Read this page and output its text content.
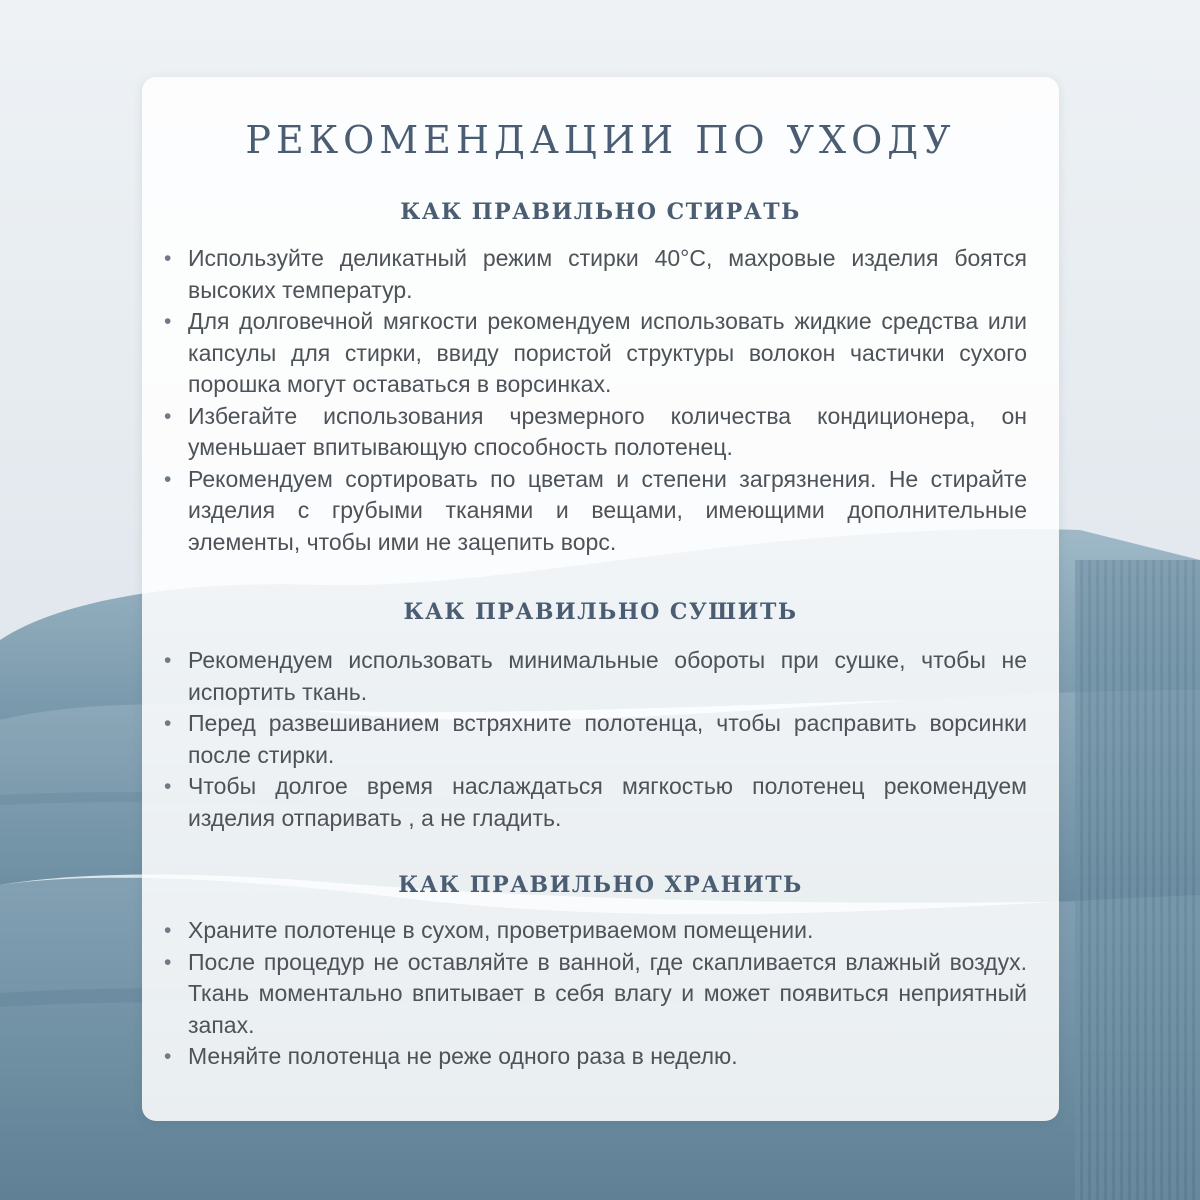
РЕКОМЕНДАЦИИ ПО УХОДУ
КАК ПРАВИЛЬНО СТИРАТЬ
• Используйте деликатный режим стирки 40°С, махровые изделия боятся высоких температур.
• Для долговечной мягкости рекомендуем использовать жидкие средства или капсулы для стирки, ввиду пористой структуры волокон частички сухого порошка могут оставаться в ворсинках.
• Избегайте использования чрезмерного количества кондиционера, он уменьшает впитывающую способность полотенец.
• Рекомендуем сортировать по цветам и степени загрязнения. Не стирайте изделия с грубыми тканями и вещами, имеющими дополнительные элементы, чтобы ими не зацепить ворс.
КАК ПРАВИЛЬНО СУШИТЬ
• Рекомендуем использовать минимальные обороты при сушке, чтобы не испортить ткань.
• Перед развешиванием встряхните полотенца, чтобы расправить ворсинки после стирки.
• Чтобы долгое время наслаждаться мягкостью полотенец рекомендуем изделия отпаривать , а не гладить.
КАК ПРАВИЛЬНО ХРАНИТЬ
• Храните полотенце в сухом, проветриваемом помещении.
• После процедур не оставляйте в ванной, где скапливается влажный воздух. Ткань моментально впитывает в себя влагу и может появиться неприятный запах.
• Меняйте полотенца не реже одного раза в неделю.
